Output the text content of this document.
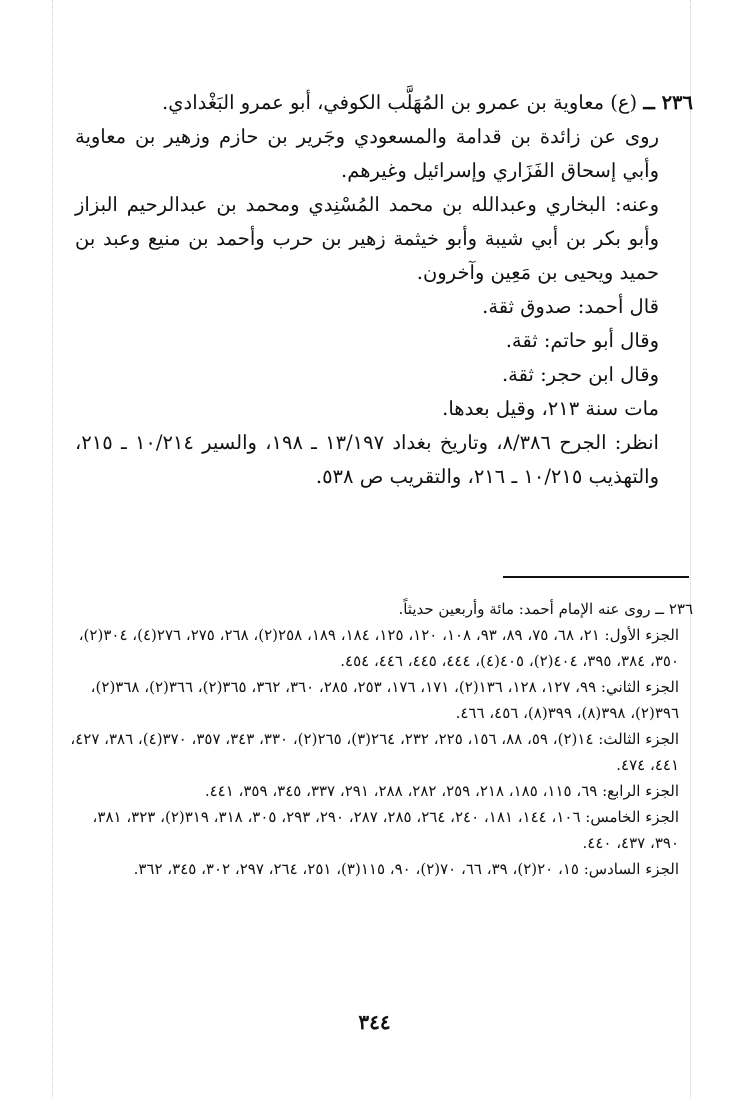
٢٣٦ ــ (ع) معاوية بن عمرو بن المُهَلَّب الكوفي، أبو عمرو البَغْدادي.

روى عن زائدة بن قدامة والمسعودي وجَرير بن حازم وزهير بن معاوية وأبي إسحاق الفَزَاري وإسرائيل وغيرهم.

وعنه: البخاري وعبدالله بن محمد المُسْنِدي ومحمد بن عبدالرحيم البزاز وأبو بكر بن أبي شيبة وأبو خيثمة زهير بن حرب وأحمد بن منيع وعبد بن حميد ويحيى بن مَعِين وآخرون.

قال أحمد: صدوق ثقة.

وقال أبو حاتم: ثقة.

وقال ابن حجر: ثقة.

مات سنة ٢١٣، وقيل بعدها.

انظر: الجرح ٨/٣٨٦، وتاريخ بغداد ١٣/١٩٧ ـ ١٩٨، والسير ١٠/٢١٤ ـ ٢١٥، والتهذيب ١٠/٢١٥ ـ ٢١٦، والتقريب ص ٥٣٨.

٢٣٦ ــ روى عنه الإمام أحمد: مائة وأربعين حديثاً.

الجزء الأول: ٢١، ٦٨، ٧٥، ٨٩، ٩٣، ١٠٨، ١٢٠، ١٢٥، ١٨٤، ١٨٩، ٢٥٨(٢)، ٢٦٨، ٢٧٥، ٢٧٦(٤)، ٣٠٤(٢)، ٣٥٠، ٣٨٤، ٣٩٥، ٤٠٤(٢)، ٤٠٥(٤)، ٤٤٤، ٤٤٥، ٤٤٦، ٤٥٤.

الجزء الثاني: ٩٩، ١٢٧، ١٢٨، ١٣٦(٢)، ١٧١، ١٧٦، ٢٥٣، ٢٨٥، ٣٦٠، ٣٦٢، ٣٦٥(٢)، ٣٦٦(٢)، ٣٦٨(٢)، ٣٩٦(٢)، ٣٩٨(٨)، ٣٩٩(٨)، ٤٥٦، ٤٦٦.

الجزء الثالث: ١٤(٢)، ٥٩، ٨٨، ١٥٦، ٢٢٥، ٢٣٢، ٢٦٤(٣)، ٢٦٥(٢)، ٣٣٠، ٣٤٣، ٣٥٧، ٣٧٠(٤)، ٣٨٦، ٤٢٧، ٤٤١، ٤٧٤.

الجزء الرابع: ٦٩، ١١٥، ١٨٥، ٢١٨، ٢٥٩، ٢٨٢، ٢٨٨، ٢٩١، ٣٣٧، ٣٤٥، ٣٥٩، ٤٤١.

الجزء الخامس: ١٠٦، ١٤٤، ١٨١، ٢٤٠، ٢٦٤، ٢٨٥، ٢٨٧، ٢٩٠، ٢٩٣، ٣٠٥، ٣١٨، ٣١٩(٢)، ٣٢٣، ٣٨١، ٣٩٠، ٤٣٧، ٤٤٠.

الجزء السادس: ١٥، ٢٠(٢)، ٣٩، ٦٦، ٧٠(٢)، ٩٠، ١١٥(٣)، ٢٥١، ٢٦٤، ٢٩٧، ٣٠٢، ٣٤٥، ٣٦٢.

٣٤٤
